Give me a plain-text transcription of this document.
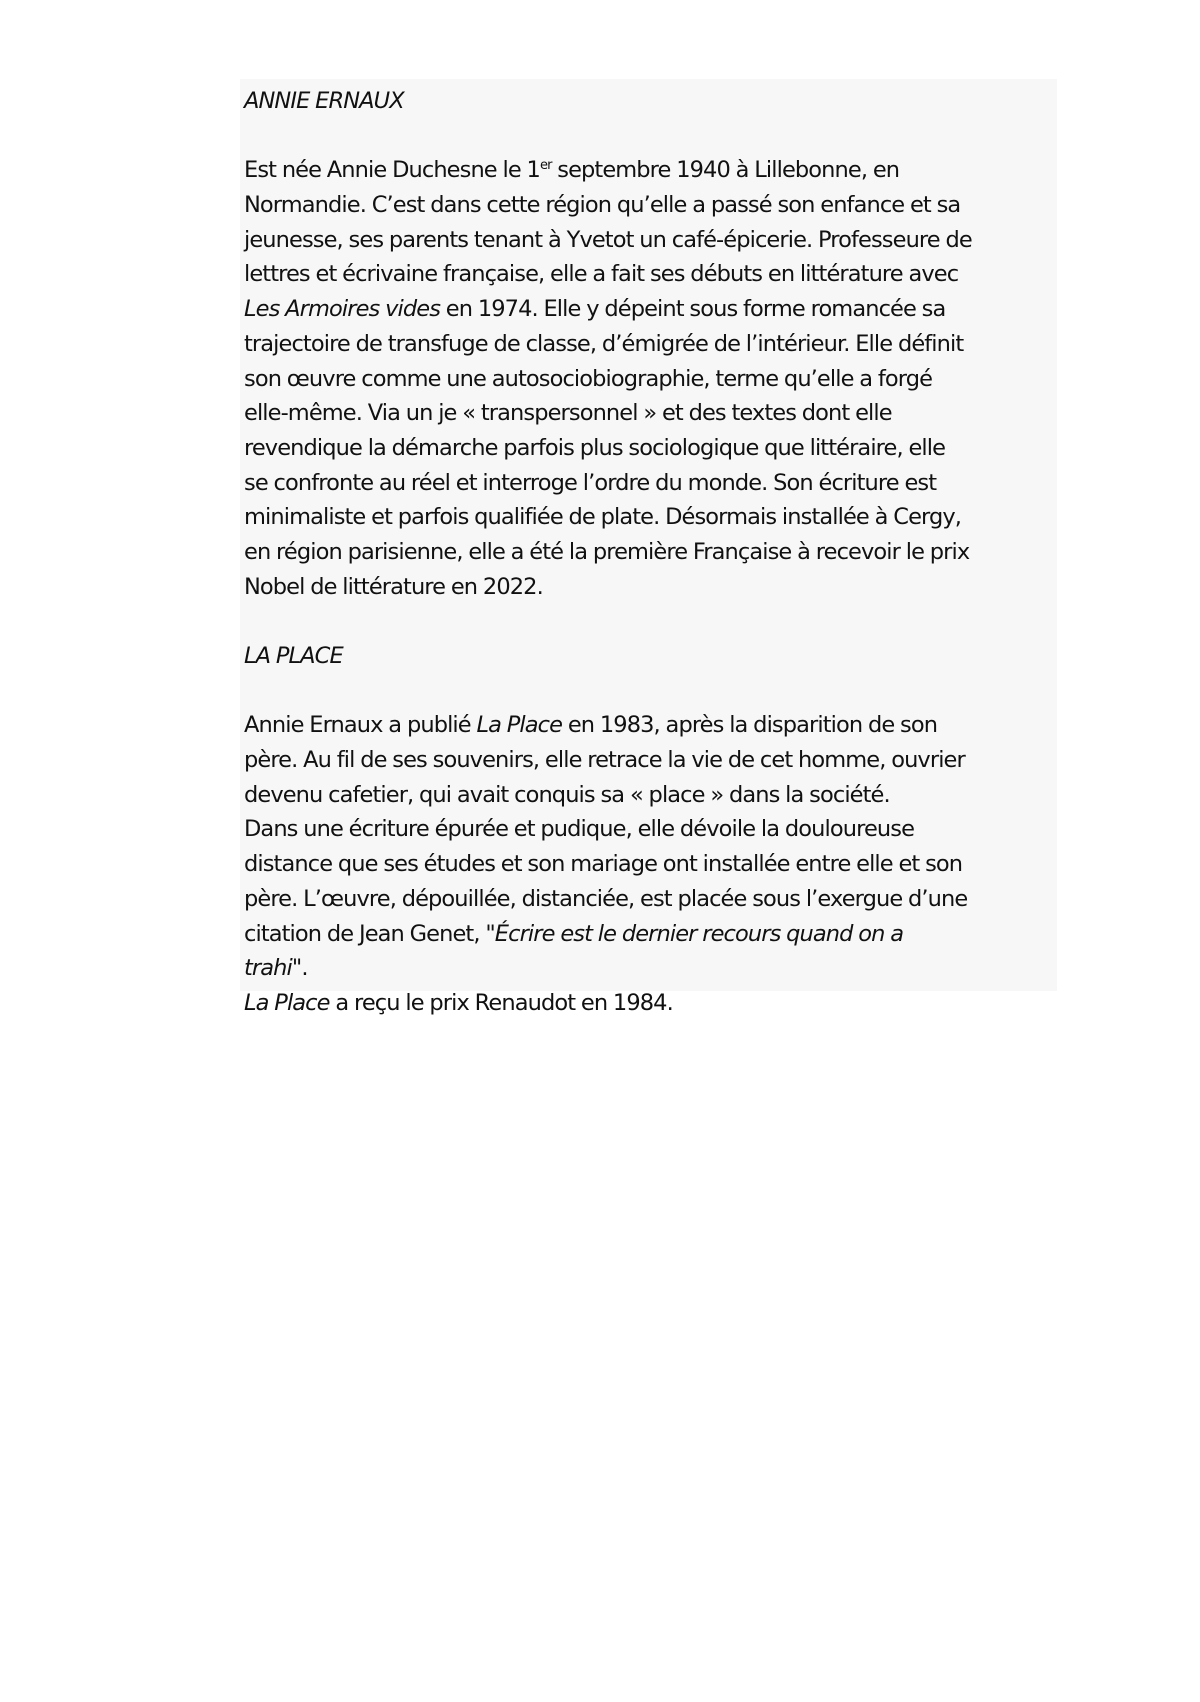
ANNIE ERNAUX
Est née Annie Duchesne le 1er septembre 1940 à Lillebonne, en
Normandie. C’est dans cette région qu’elle a passé son enfance et sa
jeunesse, ses parents tenant à Yvetot un café-épicerie. Professeure de
lettres et écrivaine française, elle a fait ses débuts en littérature avec
Les Armoires vides en 1974. Elle y dépeint sous forme romancée sa
trajectoire de transfuge de classe, d’émigrée de l’intérieur. Elle définit
son œuvre comme une autosociobiographie, terme qu’elle a forgé
elle-même. Via un je « transpersonnel » et des textes dont elle
revendique la démarche parfois plus sociologique que littéraire, elle
se confronte au réel et interroge l’ordre du monde. Son écriture est
minimaliste et parfois qualifiée de plate. Désormais installée à Cergy,
en région parisienne, elle a été la première Française à recevoir le prix
Nobel de littérature en 2022.
LA PLACE
Annie Ernaux a publié La Place en 1983, après la disparition de son
père. Au fil de ses souvenirs, elle retrace la vie de cet homme, ouvrier
devenu cafetier, qui avait conquis sa « place » dans la société.
Dans une écriture épurée et pudique, elle dévoile la douloureuse
distance que ses études et son mariage ont installée entre elle et son
père. L’œuvre, dépouillée, distanciée, est placée sous l’exergue d’une
citation de Jean Genet, "Écrire est le dernier recours quand on a
trahi".
La Place a reçu le prix Renaudot en 1984.
